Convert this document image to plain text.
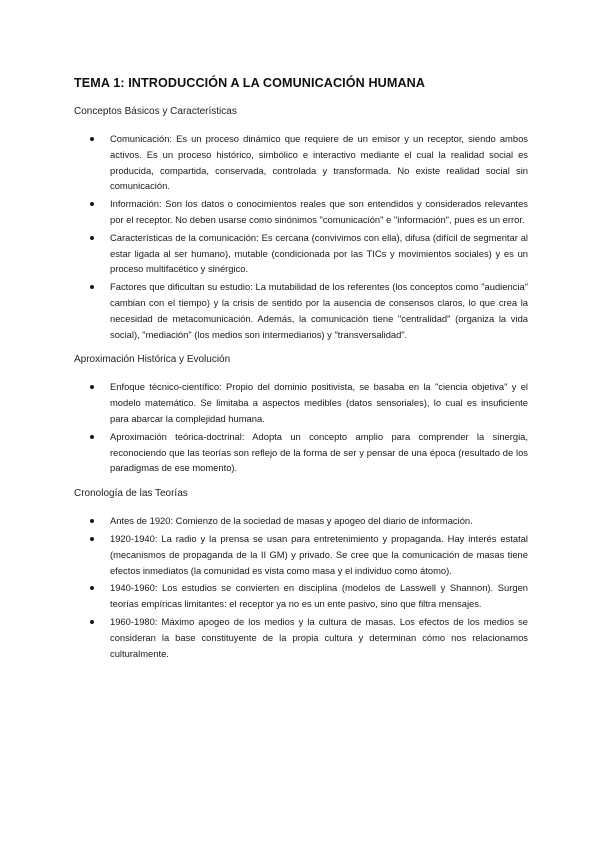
TEMA 1: INTRODUCCIÓN A LA COMUNICACIÓN HUMANA
Conceptos Básicos y Características
Comunicación: Es un proceso dinámico que requiere de un emisor y un receptor, siendo ambos activos. Es un proceso histórico, simbólico e interactivo mediante el cual la realidad social es producida, compartida, conservada, controlada y transformada. No existe realidad social sin comunicación.
Información: Son los datos o conocimientos reales que son entendidos y considerados relevantes por el receptor. No deben usarse como sinónimos "comunicación" e "información", pues es un error.
Características de la comunicación: Es cercana (convivimos con ella), difusa (difícil de segmentar al estar ligada al ser humano), mutable (condicionada por las TICs y movimientos sociales) y es un proceso multifacético y sinérgico.
Factores que dificultan su estudio: La mutabilidad de los referentes (los conceptos como "audiencia" cambian con el tiempo) y la crisis de sentido por la ausencia de consensos claros, lo que crea la necesidad de metacomunicación. Además, la comunicación tiene "centralidad" (organiza la vida social), "mediación" (los medios son intermediarios) y "transversalidad".
Aproximación Histórica y Evolución
Enfoque técnico-científico: Propio del dominio positivista, se basaba en la "ciencia objetiva" y el modelo matemático. Se limitaba a aspectos medibles (datos sensoriales), lo cual es insuficiente para abarcar la complejidad humana.
Aproximación teórica-doctrinal: Adopta un concepto amplio para comprender la sinergia, reconociendo que las teorías son reflejo de la forma de ser y pensar de una época (resultado de los paradigmas de ese momento).
Cronología de las Teorías
Antes de 1920: Comienzo de la sociedad de masas y apogeo del diario de información.
1920-1940: La radio y la prensa se usan para entretenimiento y propaganda. Hay interés estatal (mecanismos de propaganda de la II GM) y privado. Se cree que la comunicación de masas tiene efectos inmediatos (la comunidad es vista como masa y el individuo como átomo).
1940-1960: Los estudios se convierten en disciplina (modelos de Lasswell y Shannon). Surgen teorías empíricas limitantes: el receptor ya no es un ente pasivo, sino que filtra mensajes.
1960-1980: Máximo apogeo de los medios y la cultura de masas. Los efectos de los medios se consideran la base constituyente de la propia cultura y determinan cómo nos relacionamos culturalmente.
